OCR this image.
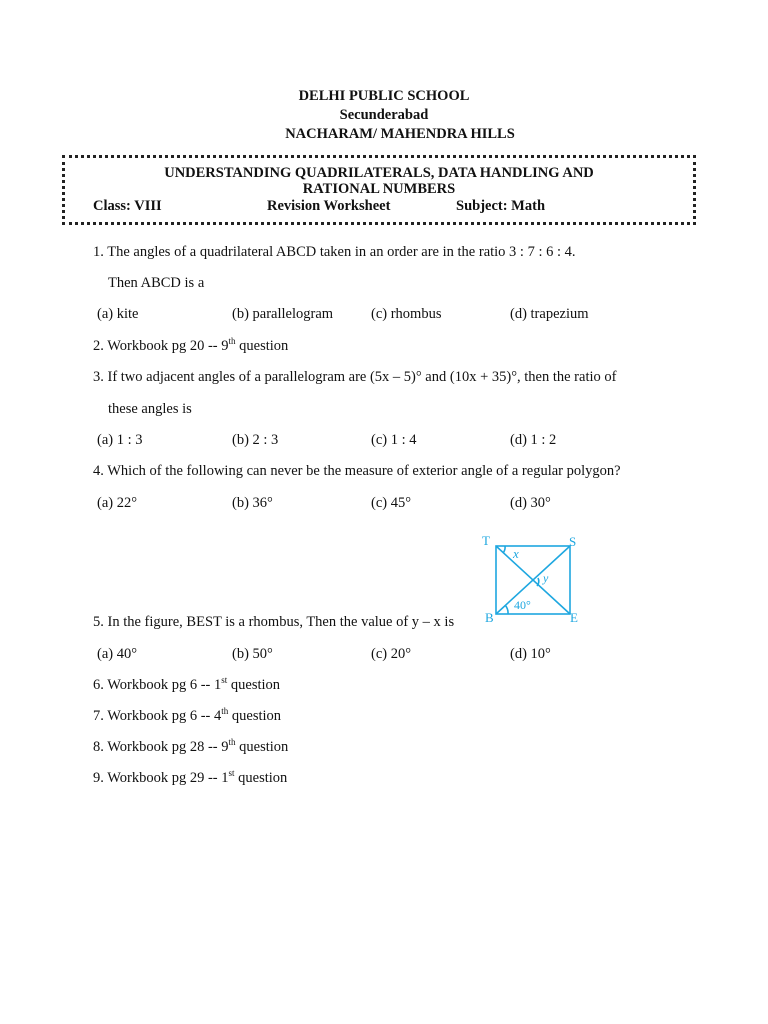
DELHI PUBLIC SCHOOL
Secunderabad
NACHARAM/ MAHENDRA HILLS
UNDERSTANDING QUADRILATERALS, DATA HANDLING AND
RATIONAL NUMBERS
Class: VIII	Revision Worksheet	Subject: Math
1. The angles of a quadrilateral ABCD taken in an order are in the ratio 3 : 7 : 6 : 4.
Then ABCD is a
(a) kite	(b) parallelogram	(c) rhombus	(d) trapezium
2. Workbook pg 20 -- 9th question
3. If two adjacent angles of a parallelogram are (5x – 5)° and (10x + 35)°, then the ratio of
these angles is
(a) 1 : 3	(b) 2 : 3	(c) 1 : 4	(d) 1 : 2
4. Which of the following can never be the measure of exterior angle of a regular polygon?
(a) 22°	(b) 36°	(c) 45°	(d) 30°
T	S
B	E
x
y
40°
5. In the figure, BEST is a rhombus, Then the value of y – x is
(a) 40°	(b) 50°	(c) 20°	(d) 10°
6. Workbook pg 6 -- 1st question
7. Workbook pg 6 -- 4th question
8. Workbook pg 28 -- 9th question
9. Workbook pg 29 -- 1st question
